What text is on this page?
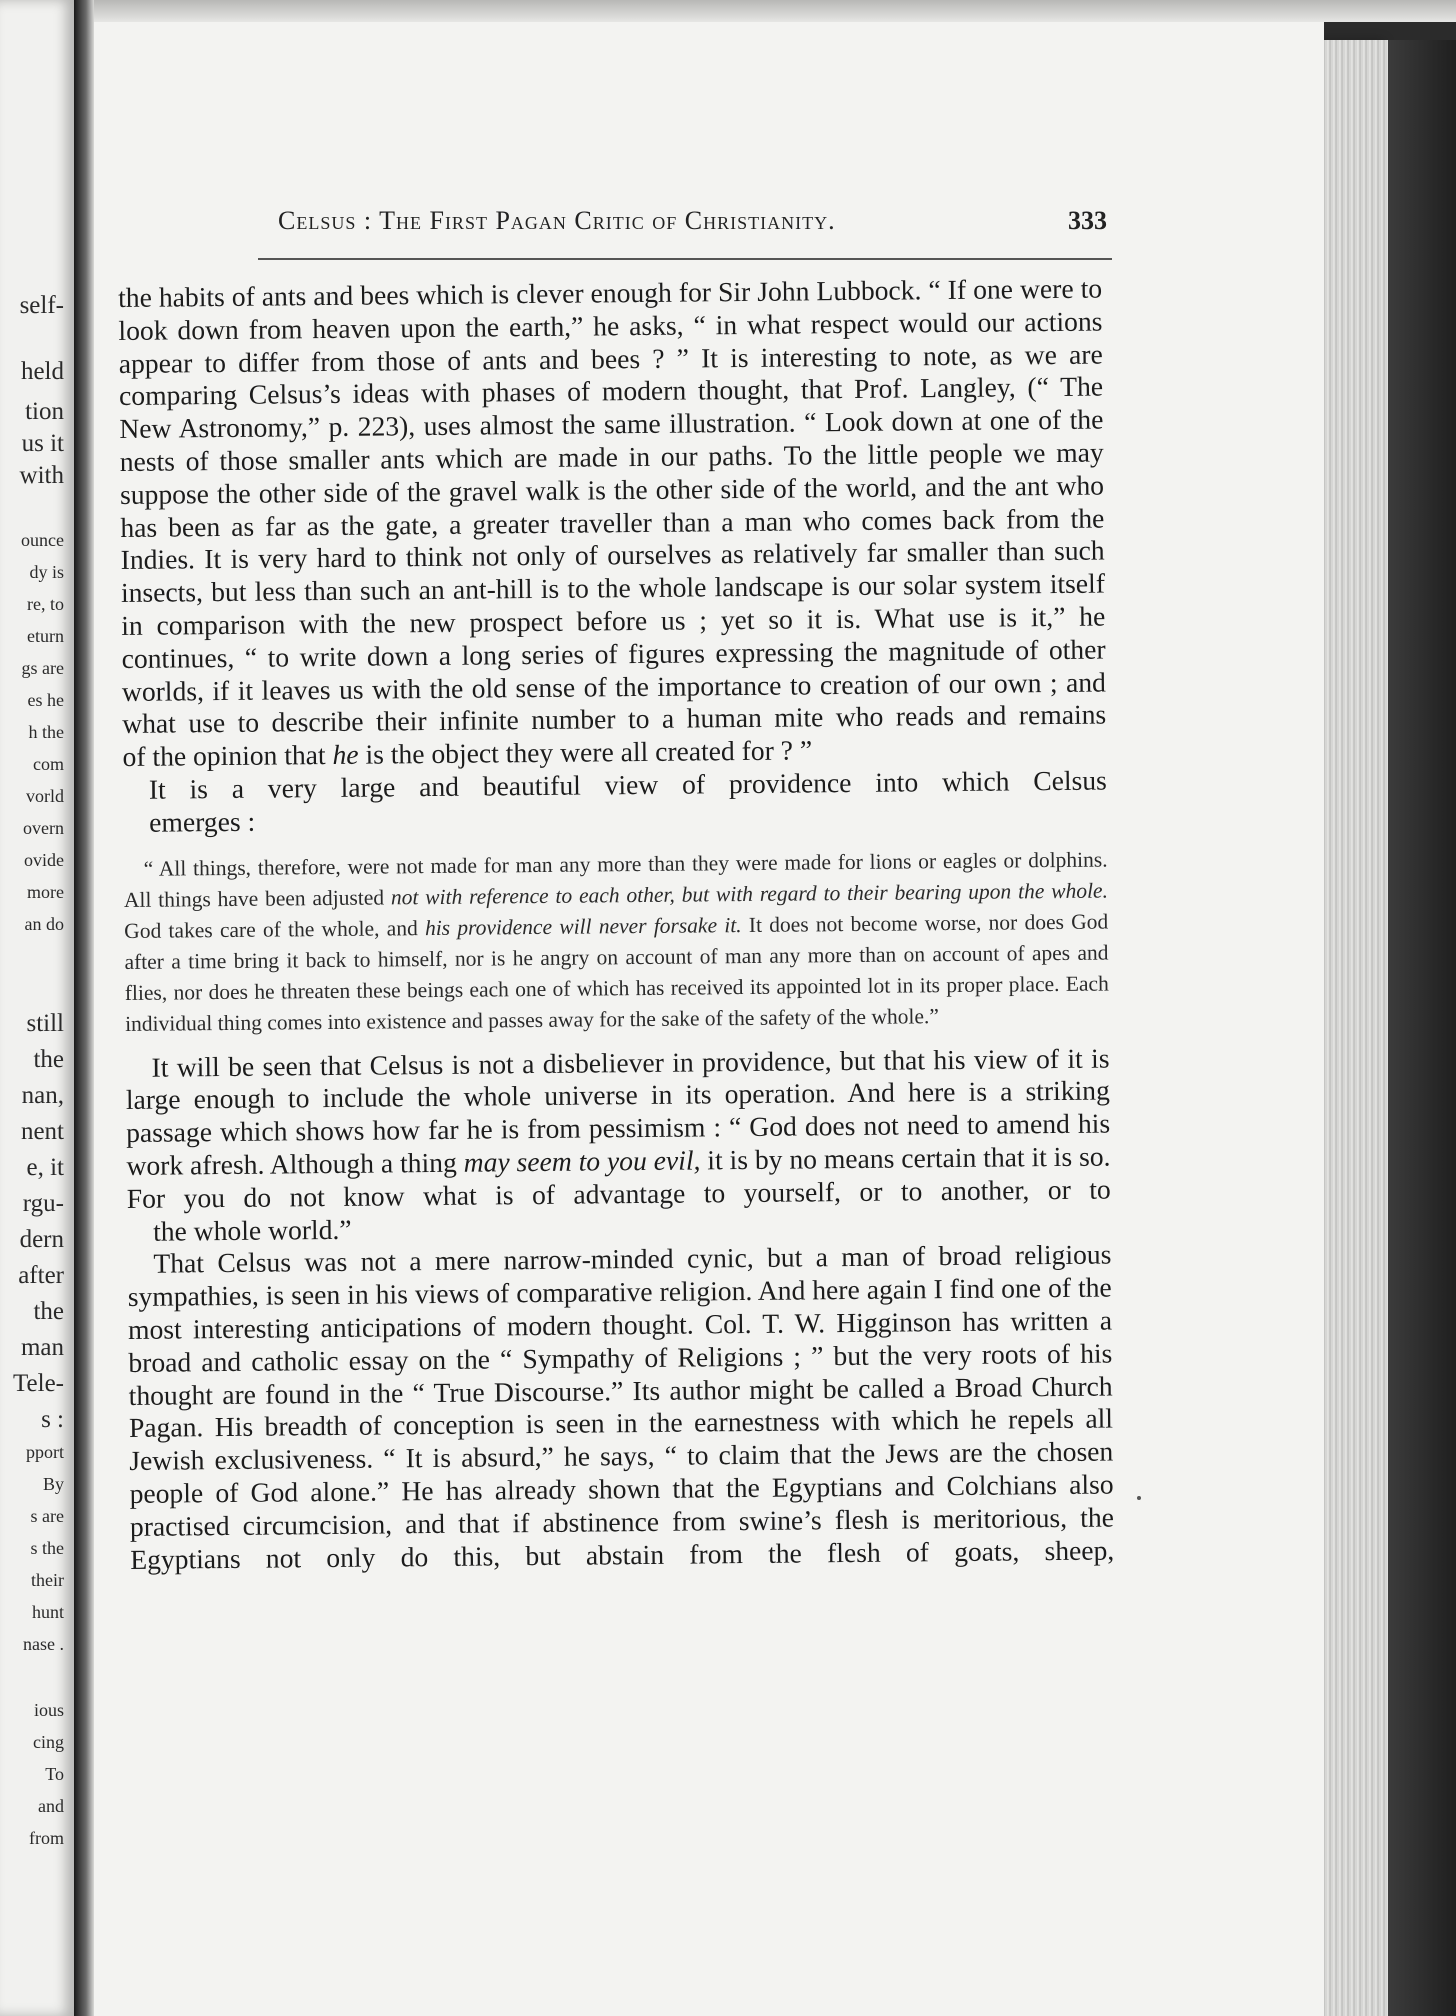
self-
held
tion
us it
with
ounce
dy is
re, to
eturn
gs are
es he
h the
com
vorld
overn
ovide
more
an do
still
the
nan,
nent
e, it
rgu-
dern
after
the
man
Tele-
s :
pport
By
s are
s the
their
hunt
nase .
ious
cing
To
and
from
Celsus : The First Pagan Critic of Christianity.	333

the habits of ants and bees which is clever enough for Sir John Lubbock. “ If one were to look down from heaven upon the earth,” he asks, “ in what respect would our actions appear to differ from those of ants and bees ? ” It is interesting to note, as we are comparing Celsus’s ideas with phases of modern thought, that Prof. Langley, (“ The New Astronomy,” p. 223), uses almost the same illustration. “ Look down at one of the nests of those smaller ants which are made in our paths. To the little people we may suppose the other side of the gravel walk is the other side of the world, and the ant who has been as far as the gate, a greater traveller than a man who comes back from the Indies. It is very hard to think not only of ourselves as relatively far smaller than such insects, but less than such an ant-hill is to the whole landscape is our solar system itself in comparison with the new prospect before us ; yet so it is. What use is it,” he continues, “ to write down a long series of figures expressing the magnitude of other worlds, if it leaves us with the old sense of the importance to creation of our own ; and what use to describe their infinite number to a human mite who reads and remains
of the opinion that he is the object they were all created for ? ”

It is a very large and beautiful view of providence into which Celsus
emerges :

“ All things, therefore, were not made for man any more than they were made for lions or eagles or dolphins. All things have been adjusted not with reference to each other, but with regard to their bearing upon the whole. God takes care of the whole, and his providence will never forsake it. It does not become worse, nor does God after a time bring it back to himself, nor is he angry on account of man any more than on account of apes and flies, nor does he threaten these beings each one of which has received its appointed lot in its proper place. Each individual thing comes into existence and passes away for the sake of the safety of the whole.”

It will be seen that Celsus is not a disbeliever in providence, but that his view of it is large enough to include the whole universe in its operation. And here is a striking passage which shows how far he is from pessimism : “ God does not need to amend his work afresh. Although a thing may seem to you evil, it is by no means certain that it is so. For you do not know what is of advantage to yourself, or to another, or to
the whole world.”

That Celsus was not a mere narrow-minded cynic, but a man of broad religious sympathies, is seen in his views of comparative religion. And here again I find one of the most interesting anticipations of modern thought. Col. T. W. Higginson has written a broad and catholic essay on the “ Sympathy of Religions ; ” but the very roots of his thought are found in the “ True Discourse.” Its author might be called a Broad Church Pagan. His breadth of conception is seen in the earnestness with which he repels all Jewish exclusiveness. “ It is absurd,” he says, “ to claim that the Jews are the chosen people of God alone.” He has already shown that the Egyptians and Colchians also practised circumcision, and that if abstinence from swine’s flesh is meritorious, the Egyptians not only do this, but abstain from the flesh of goats, sheep,
